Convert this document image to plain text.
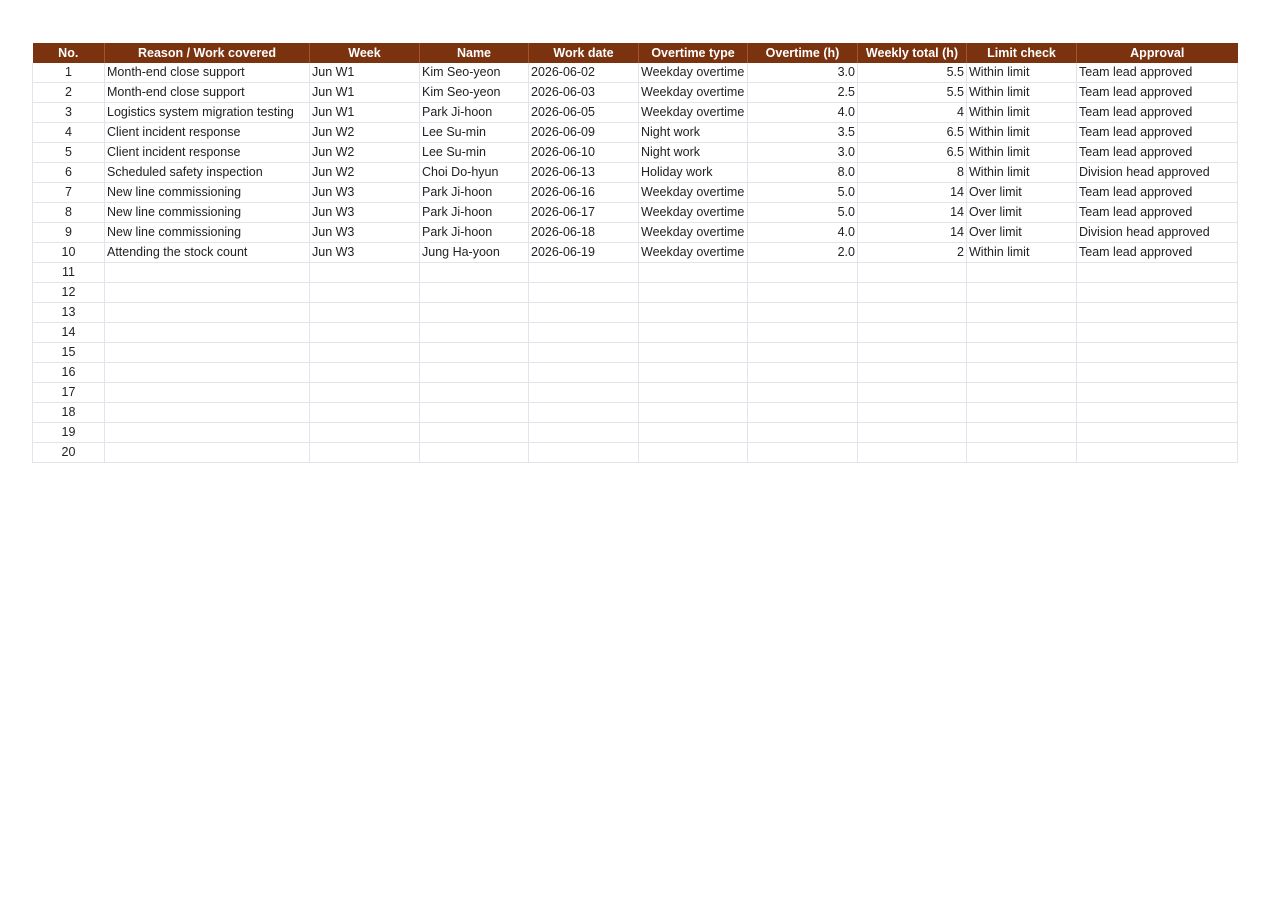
No.	Reason / Work covered	Week	Name	Work date	Overtime type	Overtime (h)	Weekly total (h)	Limit check	Approval
1	Month-end close support	Jun W1	Kim Seo-yeon	2026-06-02	Weekday overtime	3.0	5.5	Within limit	Team lead approved
2	Month-end close support	Jun W1	Kim Seo-yeon	2026-06-03	Weekday overtime	2.5	5.5	Within limit	Team lead approved
3	Logistics system migration testing	Jun W1	Park Ji-hoon	2026-06-05	Weekday overtime	4.0	4	Within limit	Team lead approved
4	Client incident response	Jun W2	Lee Su-min	2026-06-09	Night work	3.5	6.5	Within limit	Team lead approved
5	Client incident response	Jun W2	Lee Su-min	2026-06-10	Night work	3.0	6.5	Within limit	Team lead approved
6	Scheduled safety inspection	Jun W2	Choi Do-hyun	2026-06-13	Holiday work	8.0	8	Within limit	Division head approved
7	New line commissioning	Jun W3	Park Ji-hoon	2026-06-16	Weekday overtime	5.0	14	Over limit	Team lead approved
8	New line commissioning	Jun W3	Park Ji-hoon	2026-06-17	Weekday overtime	5.0	14	Over limit	Team lead approved
9	New line commissioning	Jun W3	Park Ji-hoon	2026-06-18	Weekday overtime	4.0	14	Over limit	Division head approved
10	Attending the stock count	Jun W3	Jung Ha-yoon	2026-06-19	Weekday overtime	2.0	2	Within limit	Team lead approved
11									
12									
13									
14									
15									
16									
17									
18									
19									
20									
